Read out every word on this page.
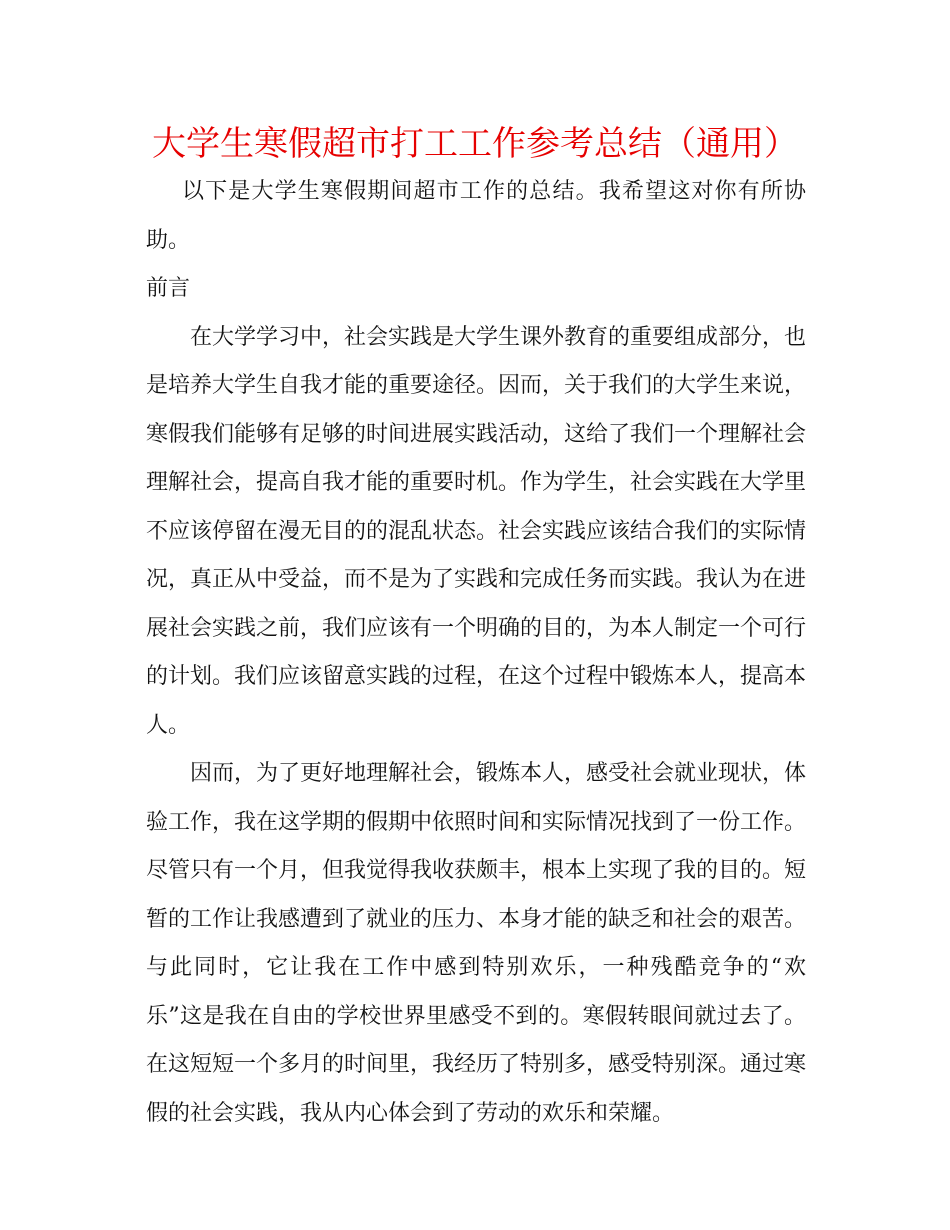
大学生寒假超市打工工作参考总结（通用）

以下是大学生寒假期间超市工作的总结。我希望这对你有所协助。

前言

在大学学习中，社会实践是大学生课外教育的重要组成部分，也是培养大学生自我才能的重要途径。因而，关于我们的大学生来说，寒假我们能够有足够的时间进展实践活动，这给了我们一个理解社会理解社会，提高自我才能的重要时机。作为学生，社会实践在大学里不应该停留在漫无目的的混乱状态。社会实践应该结合我们的实际情况，真正从中受益，而不是为了实践和完成任务而实践。我认为在进展社会实践之前，我们应该有一个明确的目的，为本人制定一个可行的计划。我们应该留意实践的过程，在这个过程中锻炼本人，提高本人。

因而，为了更好地理解社会，锻炼本人，感受社会就业现状，体验工作，我在这学期的假期中依照时间和实际情况找到了一份工作。尽管只有一个月，但我觉得我收获颇丰，根本上实现了我的目的。短暂的工作让我感遭到了就业的压力、本身才能的缺乏和社会的艰苦。与此同时，它让我在工作中感到特别欢乐，一种残酷竞争的“欢乐”这是我在自由的学校世界里感受不到的。寒假转眼间就过去了。在这短短一个多月的时间里，我经历了特别多，感受特别深。通过寒假的社会实践，我从内心体会到了劳动的欢乐和荣耀。
